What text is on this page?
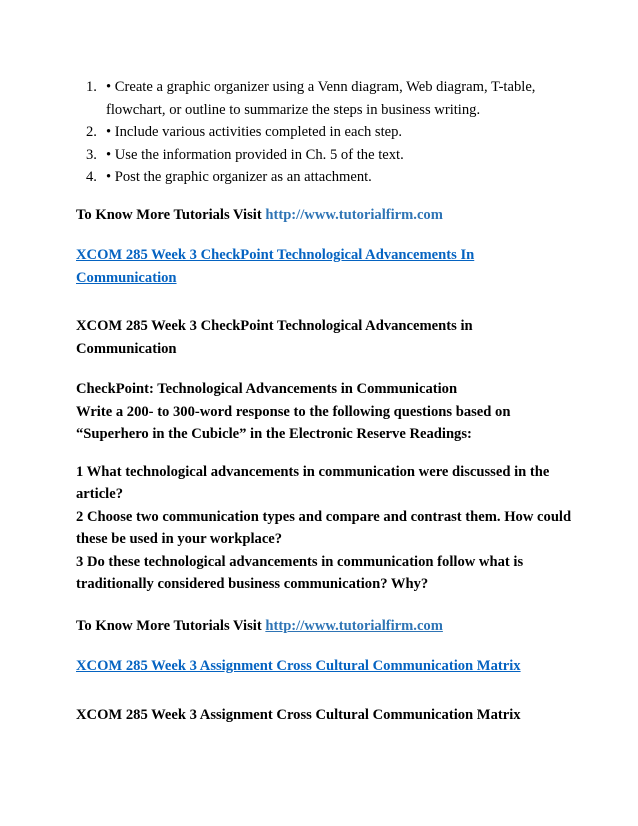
• Create a graphic organizer using a Venn diagram, Web diagram, T-table, flowchart, or outline to summarize the steps in business writing.
• Include various activities completed in each step.
• Use the information provided in Ch. 5 of the text.
• Post the graphic organizer as an attachment.

To Know More Tutorials Visit http://www.tutorialfirm.com

XCOM 285 Week 3 CheckPoint Technological Advancements In Communication

XCOM 285 Week 3 CheckPoint Technological Advancements in Communication

CheckPoint: Technological Advancements in Communication

Write a 200- to 300-word response to the following questions based on “Superhero in the Cubicle” in the Electronic Reserve Readings:

1 What technological advancements in communication were discussed in the article?

2 Choose two communication types and compare and contrast them. How could these be used in your workplace?

3 Do these technological advancements in communication follow what is traditionally considered business communication? Why?

To Know More Tutorials Visit http://www.tutorialfirm.com

XCOM 285 Week 3 Assignment Cross Cultural Communication Matrix

XCOM 285 Week 3 Assignment Cross Cultural Communication Matrix
